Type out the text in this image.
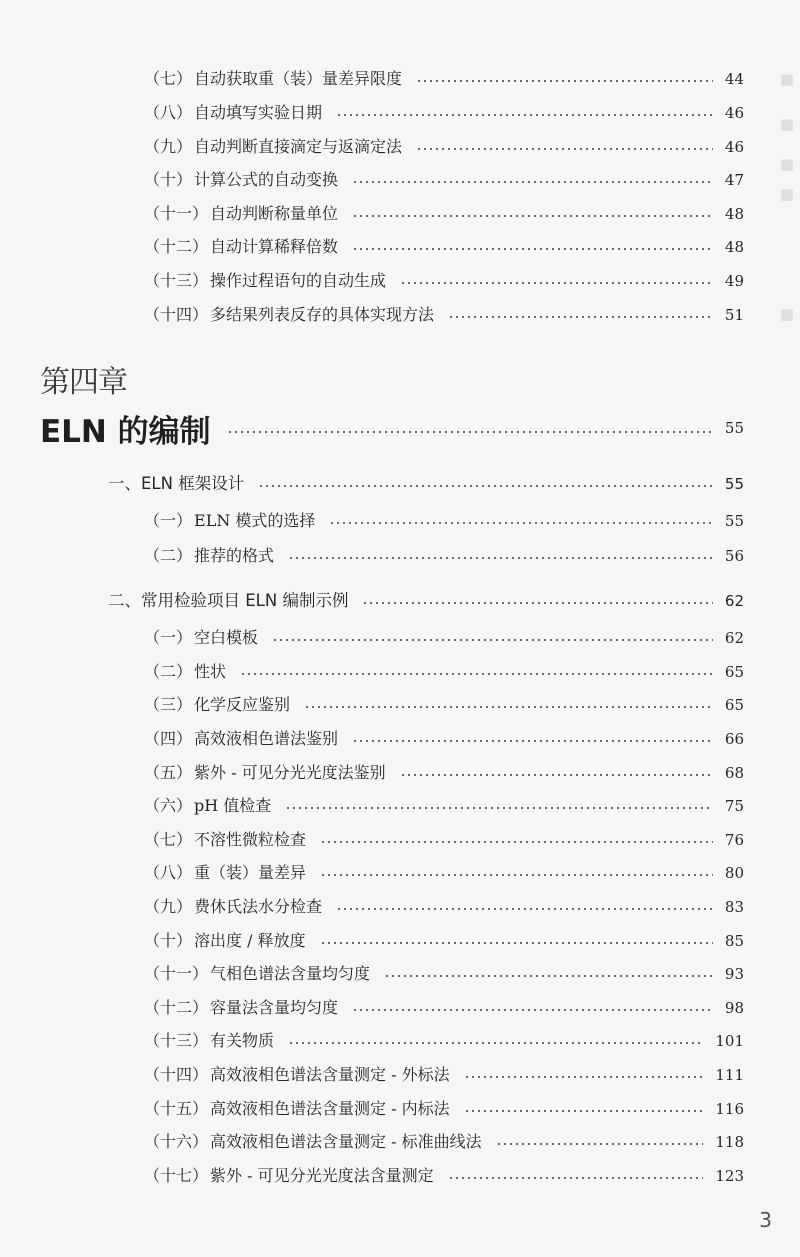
■
■
■
■
■
（七） 自动获取重（装）量差异限度	44
（八） 自动填写实验日期	46
（九） 自动判断直接滴定与返滴定法	46
（十） 计算公式的自动变换	47
（十一） 自动判断称量单位	48
（十二） 自动计算稀释倍数	48
（十三） 操作过程语句的自动生成	49
（十四） 多结果列表反存的具体实现方法	51
第四章
ELN 的编制	55
一、ELN 框架设计	55
（一） ELN 模式的选择	55
（二） 推荐的格式	56
二、常用检验项目 ELN 编制示例	62
（一） 空白模板	62
（二） 性状	65
（三） 化学反应鉴别	65
（四） 高效液相色谱法鉴别	66
（五） 紫外 - 可见分光光度法鉴别	68
（六） pH 值检查	75
（七） 不溶性微粒检查	76
（八） 重（装）量差异	80
（九） 费休氏法水分检查	83
（十） 溶出度 / 释放度	85
（十一） 气相色谱法含量均匀度	93
（十二） 容量法含量均匀度	98
（十三） 有关物质	101
（十四） 高效液相色谱法含量测定 - 外标法	111
（十五） 高效液相色谱法含量测定 - 内标法	116
（十六） 高效液相色谱法含量测定 - 标准曲线法	118
（十七） 紫外 - 可见分光光度法含量测定	123
3
